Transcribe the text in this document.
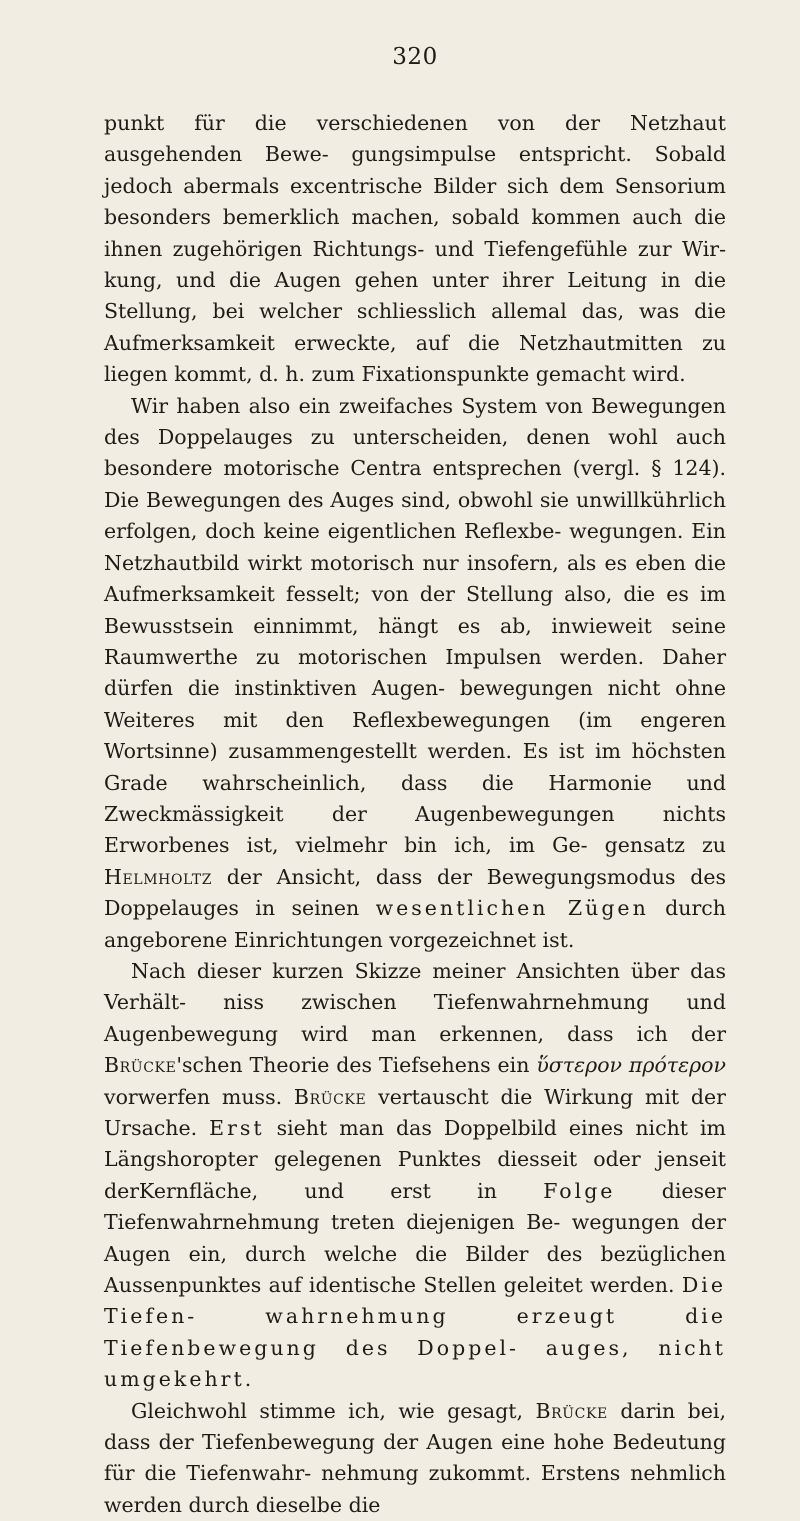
320

punkt für die verschiedenen von der Netzhaut ausgehenden Bewe- gungsimpulse entspricht. Sobald jedoch abermals excentrische Bilder sich dem Sensorium besonders bemerklich machen, sobald kommen auch die ihnen zugehörigen Richtungs- und Tiefengefühle zur Wir- kung, und die Augen gehen unter ihrer Leitung in die Stellung, bei welcher schliesslich allemal das, was die Aufmerksamkeit erweckte, auf die Netzhautmitten zu liegen kommt, d. h. zum Fixationspunkte gemacht wird.

Wir haben also ein zweifaches System von Bewegungen des Doppelauges zu unterscheiden, denen wohl auch besondere motorische Centra entsprechen (vergl. § 124). Die Bewegungen des Auges sind, obwohl sie unwillkührlich erfolgen, doch keine eigentlichen Reflexbe- wegungen. Ein Netzhautbild wirkt motorisch nur insofern, als es eben die Aufmerksamkeit fesselt; von der Stellung also, die es im Bewusstsein einnimmt, hängt es ab, inwieweit seine Raumwerthe zu motorischen Impulsen werden. Daher dürfen die instinktiven Augen- bewegungen nicht ohne Weiteres mit den Reflexbewegungen (im engeren Wortsinne) zusammengestellt werden. Es ist im höchsten Grade wahrscheinlich, dass die Harmonie und Zweckmässigkeit der Augenbewegungen nichts Erworbenes ist, vielmehr bin ich, im Ge- gensatz zu Helmholtz der Ansicht, dass der Bewegungsmodus des Doppelauges in seinen wesentlichen Zügen durch angeborene Einrichtungen vorgezeichnet ist.

Nach dieser kurzen Skizze meiner Ansichten über das Verhält- niss zwischen Tiefenwahrnehmung und Augenbewegung wird man erkennen, dass ich der Brücke'schen Theorie des Tiefsehens ein ὕστερον πρότερον vorwerfen muss. Brücke vertauscht die Wirkung mit der Ursache. Erst sieht man das Doppelbild eines nicht im Längshoropter gelegenen Punktes diesseit oder jenseit derKernfläche, und erst in Folge dieser Tiefenwahrnehmung treten diejenigen Be- wegungen der Augen ein, durch welche die Bilder des bezüglichen Aussenpunktes auf identische Stellen geleitet werden. Die Tiefen- wahrnehmung erzeugt die Tiefenbewegung des Doppel- auges, nicht umgekehrt.

Gleichwohl stimme ich, wie gesagt, Brücke darin bei, dass der Tiefenbewegung der Augen eine hohe Bedeutung für die Tiefenwahr- nehmung zukommt. Erstens nehmlich werden durch dieselbe die
